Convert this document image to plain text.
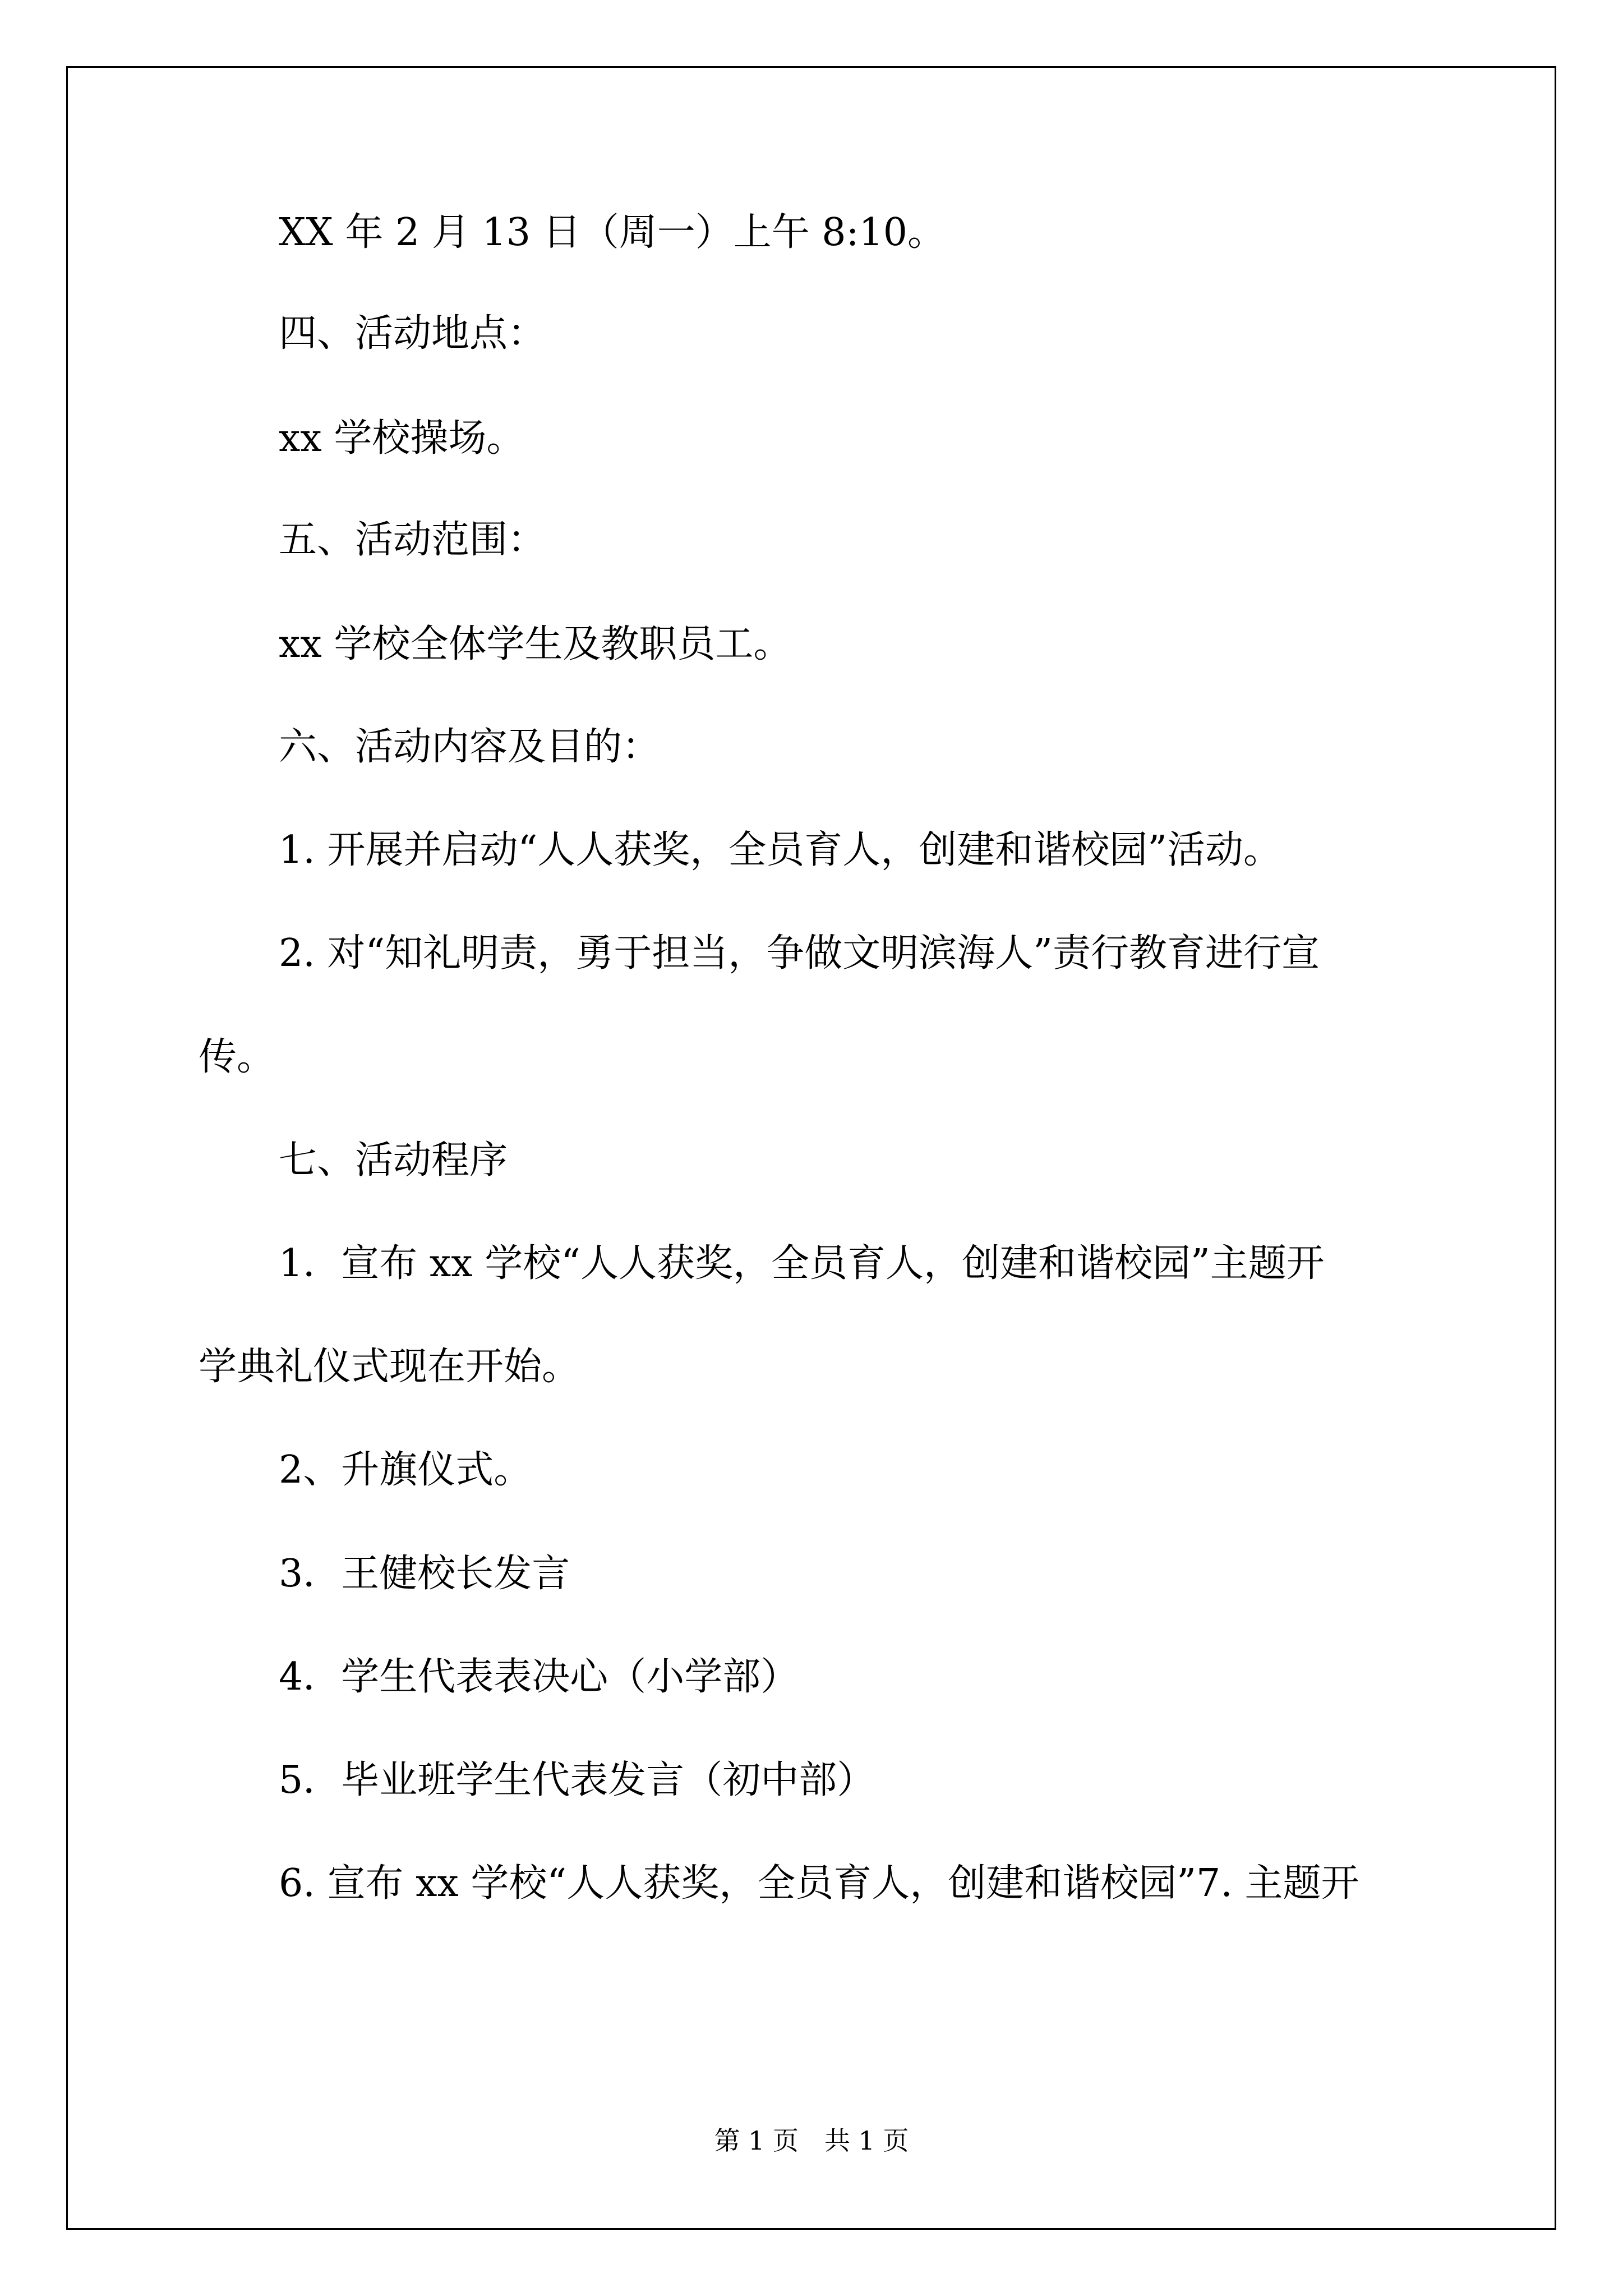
XX 年 2 月 13 日（周一）上午 8:10。
四、活动地点：
xx 学校操场。
五、活动范围：
xx 学校全体学生及教职员工。
六、活动内容及目的：
1. 开展并启动“人人获奖，全员育人，创建和谐校园”活动。
2. 对“知礼明责，勇于担当，争做文明滨海人”责行教育进行宣
传。
七、活动程序
1．宣布 xx 学校“人人获奖，全员育人，创建和谐校园”主题开
学典礼仪式现在开始。
2、升旗仪式。
3．王健校长发言
4．学生代表表决心（小学部）
5．毕业班学生代表发言（初中部）
6. 宣布 xx 学校“人人获奖，全员育人，创建和谐校园”7. 主题开
第 1 页　共 1 页
